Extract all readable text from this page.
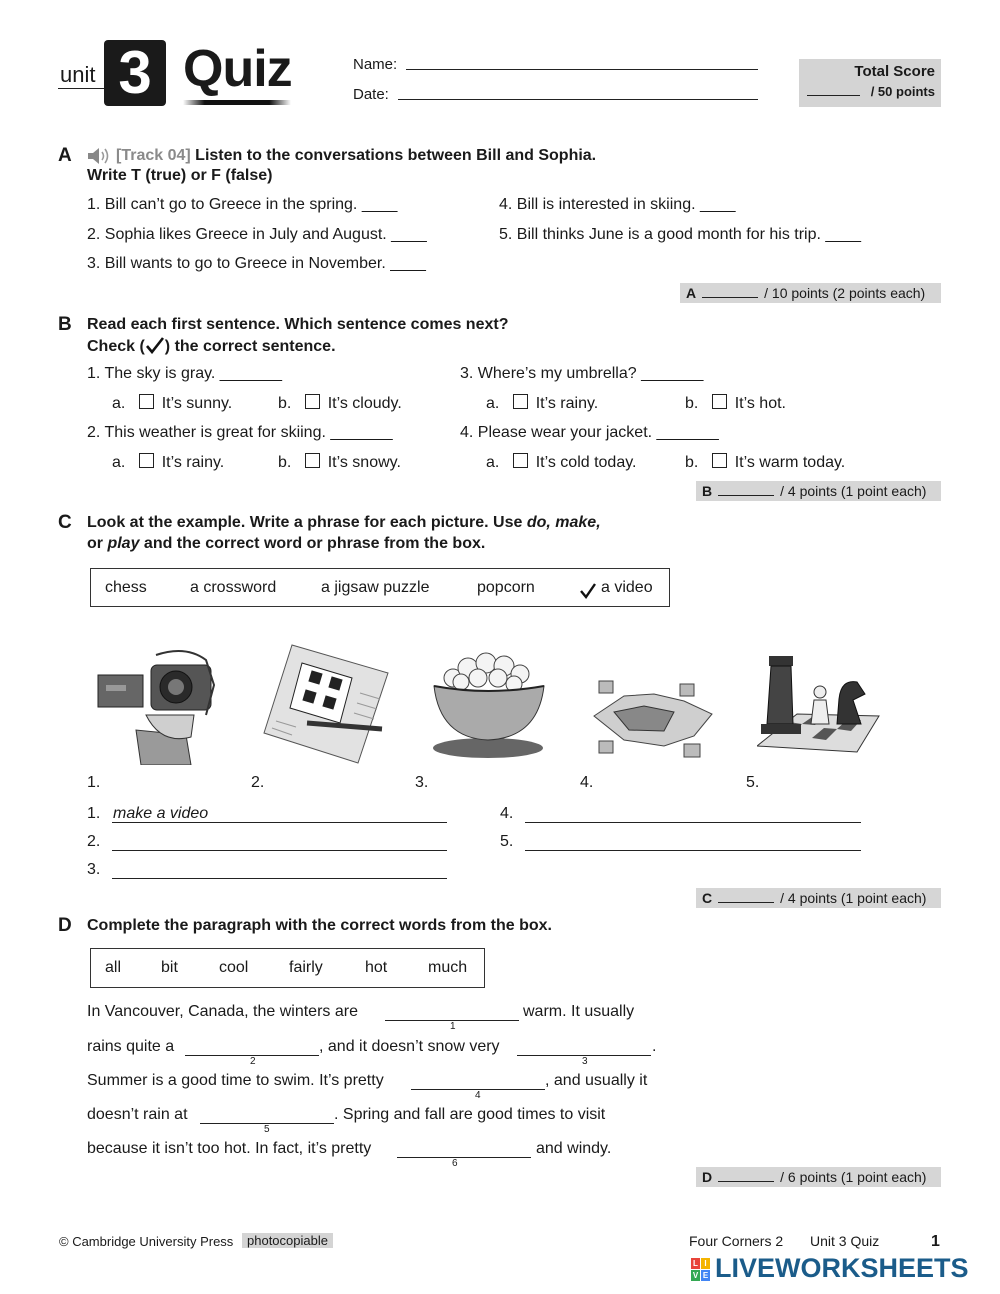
unit 3 Quiz	Name:
Date:
Total Score
/ 50 points
A	[Track 04] Listen to the conversations between Bill and Sophia.
Write T (true) or F (false)
1. Bill can’t go to Greece in the spring. ____
2. Sophia likes Greece in July and August. ____
3. Bill wants to go to Greece in November. ____
4. Bill is interested in skiing. ____
5. Bill thinks June is a good month for his trip. ____
A	/ 10 points (2 points each)
B Read each first sentence. Which sentence comes next?
Check ( ) the correct sentence.
1. The sky is gray. _______
a. It’s sunny.	b. It’s cloudy.
2. This weather is great for skiing. _______
a. It’s rainy.	b. It’s snowy.
3. Where’s my umbrella? _______
a. It’s rainy.	b. It’s hot.
4. Please wear your jacket. _______
a. It’s cold today.	b. It’s warm today.
B	/ 4 points (1 point each)
C Look at the example. Write a phrase for each picture. Use do, make,
or play and the correct word or phrase from the box.
chess	a crossword	a jigsaw puzzle	popcorn	a video
1.	2.	3.	4.	5.
1. make a video
2.
3.
4.
5.
C	/ 4 points (1 point each)
D Complete the paragraph with the correct words from the box.
all bit	cool	fairly	hot	much
In Vancouver, Canada, the winters are
1
warm. It usually
rains quite a
2
, and it doesn’t snow very
3
.
Summer is a good time to swim. It’s pretty
4
, and usually it
doesn’t rain at
5
. Spring and fall are good times to visit
because it isn’t too hot. In fact, it’s pretty
6
and windy.
D	/ 6 points (1 point each)
© Cambridge University Press	photocopiable	Four Corners 2 Unit 3 Quiz	1
L I
V E LIVEWORKSHEETS
